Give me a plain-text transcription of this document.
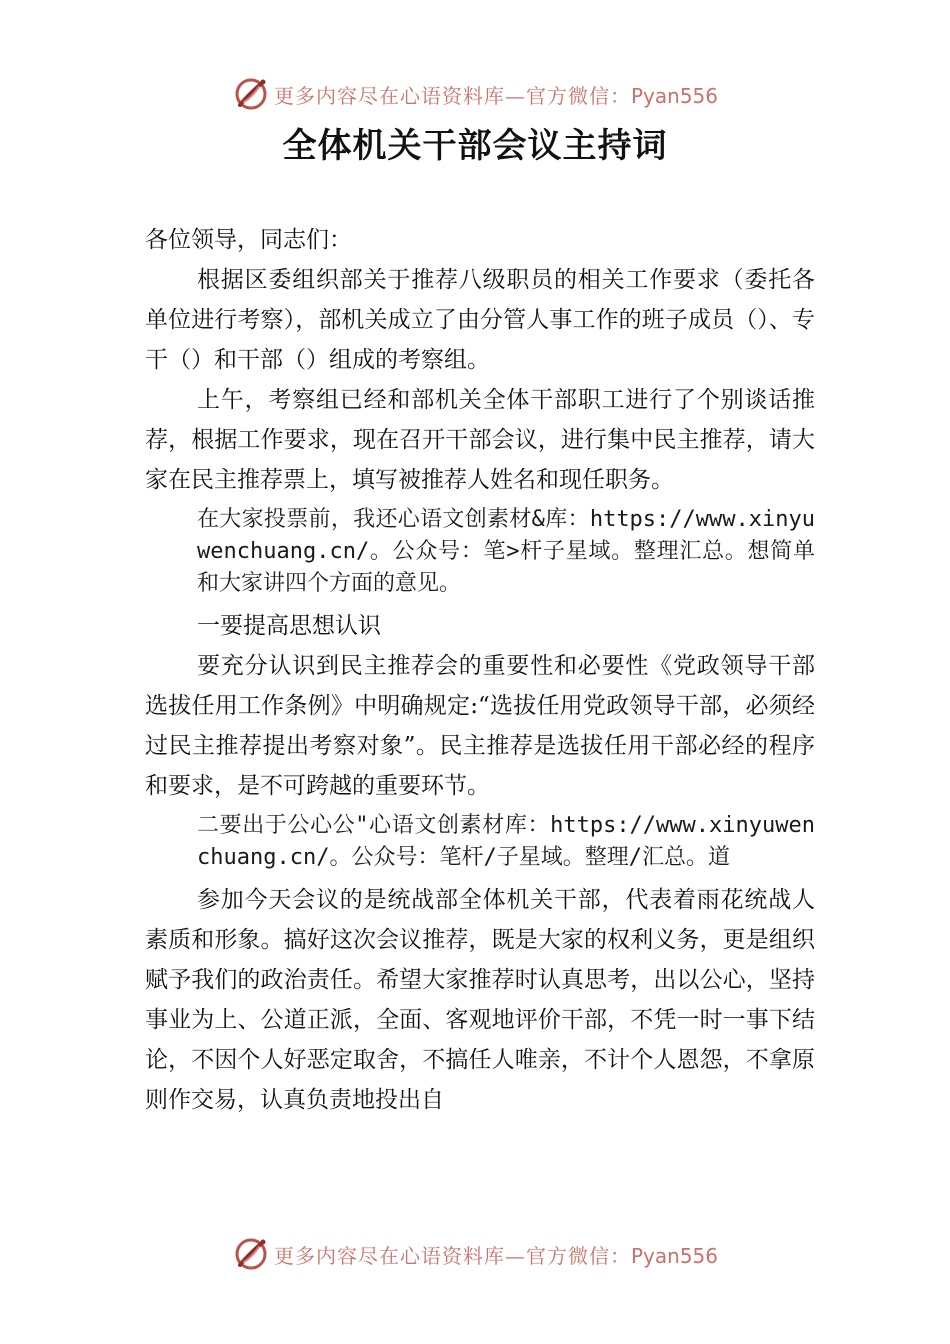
更多内容尽在心语资料库—官方微信：Pyan556
全体机关干部会议主持词

各位领导，同志们：

根据区委组织部关于推荐八级职员的相关工作要求（委托各单位进行考察），部机关成立了由分管人事工作的班子成员（）、专干（）和干部（）组成的考察组。

上午，考察组已经和部机关全体干部职工进行了个别谈话推荐，根据工作要求，现在召开干部会议，进行集中民主推荐，请大家在民主推荐票上，填写被推荐人姓名和现任职务。

在大家投票前，我还心语文创素材&库：https://www.xinyuwenchuang.cn/。公众号：笔>杆子星域。整理汇总。想简单和大家讲四个方面的意见。

一要提高思想认识

要充分认识到民主推荐会的重要性和必要性《党政领导干部选拔任用工作条例》中明确规定:“选拔任用党政领导干部，必须经过民主推荐提出考察对象”。民主推荐是选拔任用干部必经的程序和要求，是不可跨越的重要环节。

二要出于公心公"心语文创素材库：https://www.xinyuwenchuang.cn/。公众号：笔杆/子星域。整理/汇总。道

参加今天会议的是统战部全体机关干部，代表着雨花统战人素质和形象。搞好这次会议推荐，既是大家的权利义务，更是组织赋予我们的政治责任。希望大家推荐时认真思考，出以公心，坚持事业为上、公道正派，全面、客观地评价干部，不凭一时一事下结论，不因个人好恶定取舍，不搞任人唯亲，不计个人恩怨，不拿原则作交易，认真负责地投出自

更多内容尽在心语资料库—官方微信：Pyan556
